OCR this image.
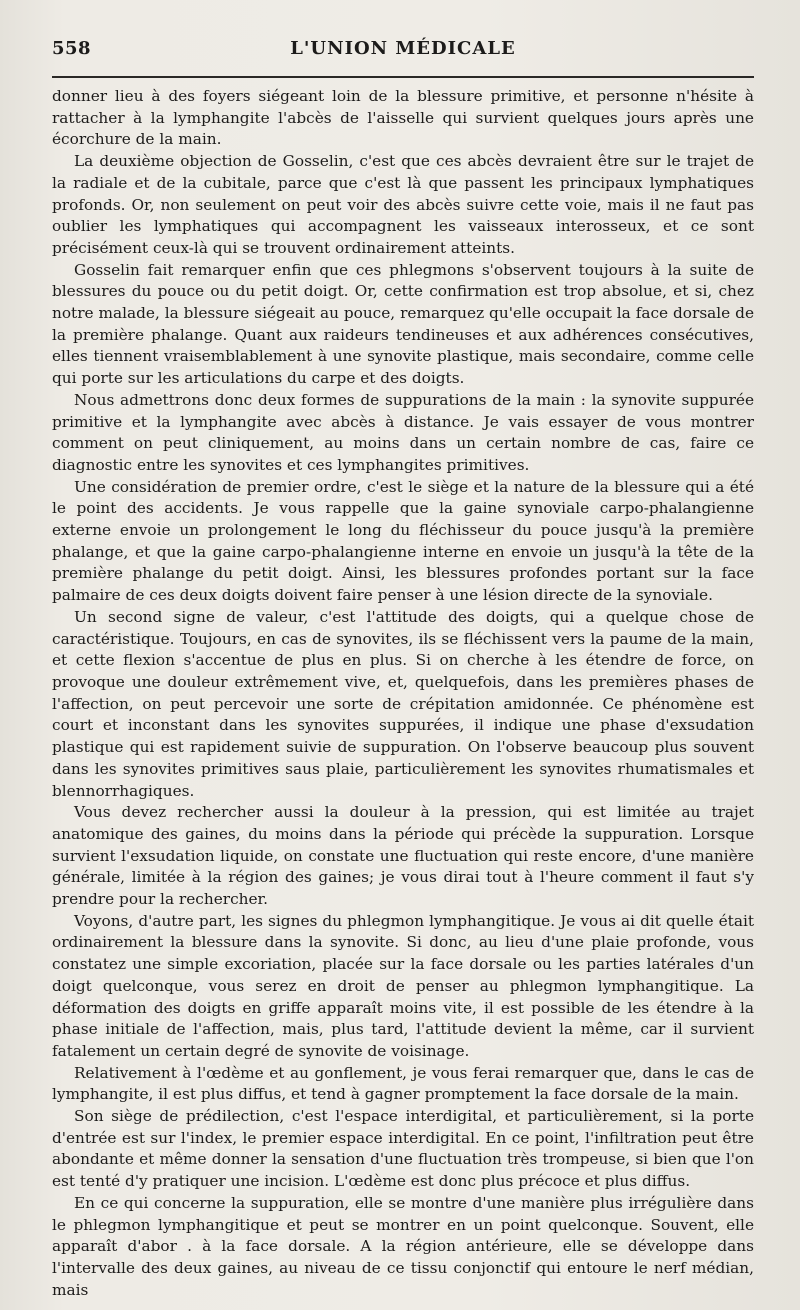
558	L'UNION MÉDICALE

donner lieu à des foyers siégeant loin de la blessure primitive, et personne n'hésite à rattacher à la lymphangite l'abcès de l'aisselle qui survient quelques jours après une écorchure de la main.

La deuxième objection de Gosselin, c'est que ces abcès devraient être sur le trajet de la radiale et de la cubitale, parce que c'est là que passent les principaux lymphatiques profonds. Or, non seulement on peut voir des abcès suivre cette voie, mais il ne faut pas oublier les lymphatiques qui accompagnent les vaisseaux interosseux, et ce sont précisément ceux-là qui se trouvent ordinairement atteints.

Gosselin fait remarquer enfin que ces phlegmons s'observent toujours à la suite de blessures du pouce ou du petit doigt. Or, cette confirmation est trop absolue, et si, chez notre malade, la blessure siégeait au pouce, remarquez qu'elle occupait la face dorsale de la première phalange. Quant aux raideurs tendineuses et aux adhérences consécutives, elles tiennent vraisemblablement à une synovite plastique, mais secondaire, comme celle qui porte sur les articulations du carpe et des doigts.

Nous admettrons donc deux formes de suppurations de la main : la synovite suppurée primitive et la lymphangite avec abcès à distance. Je vais essayer de vous montrer comment on peut cliniquement, au moins dans un certain nombre de cas, faire ce diagnostic entre les synovites et ces lymphangites primitives.

Une considération de premier ordre, c'est le siège et la nature de la blessure qui a été le point des accidents. Je vous rappelle que la gaine synoviale carpo-phalangienne externe envoie un prolongement le long du fléchisseur du pouce jusqu'à la première phalange, et que la gaine carpo-phalangienne interne en envoie un jusqu'à la tête de la première phalange du petit doigt. Ainsi, les blessures profondes portant sur la face palmaire de ces deux doigts doivent faire penser à une lésion directe de la synoviale.

Un second signe de valeur, c'est l'attitude des doigts, qui a quelque chose de caractéristique. Toujours, en cas de synovites, ils se fléchissent vers la paume de la main, et cette flexion s'accentue de plus en plus. Si on cherche à les étendre de force, on provoque une douleur extrêmement vive, et, quelquefois, dans les premières phases de l'affection, on peut percevoir une sorte de crépitation amidonnée. Ce phénomène est court et inconstant dans les synovites suppurées, il indique une phase d'exsudation plastique qui est rapidement suivie de suppuration. On l'observe beaucoup plus souvent dans les synovites primitives saus plaie, particulièrement les synovites rhumatismales et blennorrhagiques.

Vous devez rechercher aussi la douleur à la pression, qui est limitée au trajet anatomique des gaines, du moins dans la période qui précède la suppuration. Lorsque survient l'exsudation liquide, on constate une fluctuation qui reste encore, d'une manière générale, limitée à la région des gaines; je vous dirai tout à l'heure comment il faut s'y prendre pour la rechercher.

Voyons, d'autre part, les signes du phlegmon lymphangitique. Je vous ai dit quelle était ordinairement la blessure dans la synovite. Si donc, au lieu d'une plaie profonde, vous constatez une simple excoriation, placée sur la face dorsale ou les parties latérales d'un doigt quelconque, vous serez en droit de penser au phlegmon lymphangitique. La déformation des doigts en griffe apparaît moins vite, il est possible de les étendre à la phase initiale de l'affection, mais, plus tard, l'attitude devient la même, car il survient fatalement un certain degré de synovite de voisinage.

Relativement à l'œdème et au gonflement, je vous ferai remarquer que, dans le cas de lymphangite, il est plus diffus, et tend à gagner promptement la face dorsale de la main.

Son siège de prédilection, c'est l'espace interdigital, et particulièrement, si la porte d'entrée est sur l'index, le premier espace interdigital. En ce point, l'infiltration peut être abondante et même donner la sensation d'une fluctuation très trompeuse, si bien que l'on est tenté d'y pratiquer une incision. L'œdème est donc plus précoce et plus diffus.

En ce qui concerne la suppuration, elle se montre d'une manière plus irrégulière dans le phlegmon lymphangitique et peut se montrer en un point quelconque. Souvent, elle apparaît d'abor . à la face dorsale. A la région antérieure, elle se développe dans l'intervalle des deux gaines, au niveau de ce tissu conjonctif qui entoure le nerf médian, mais
